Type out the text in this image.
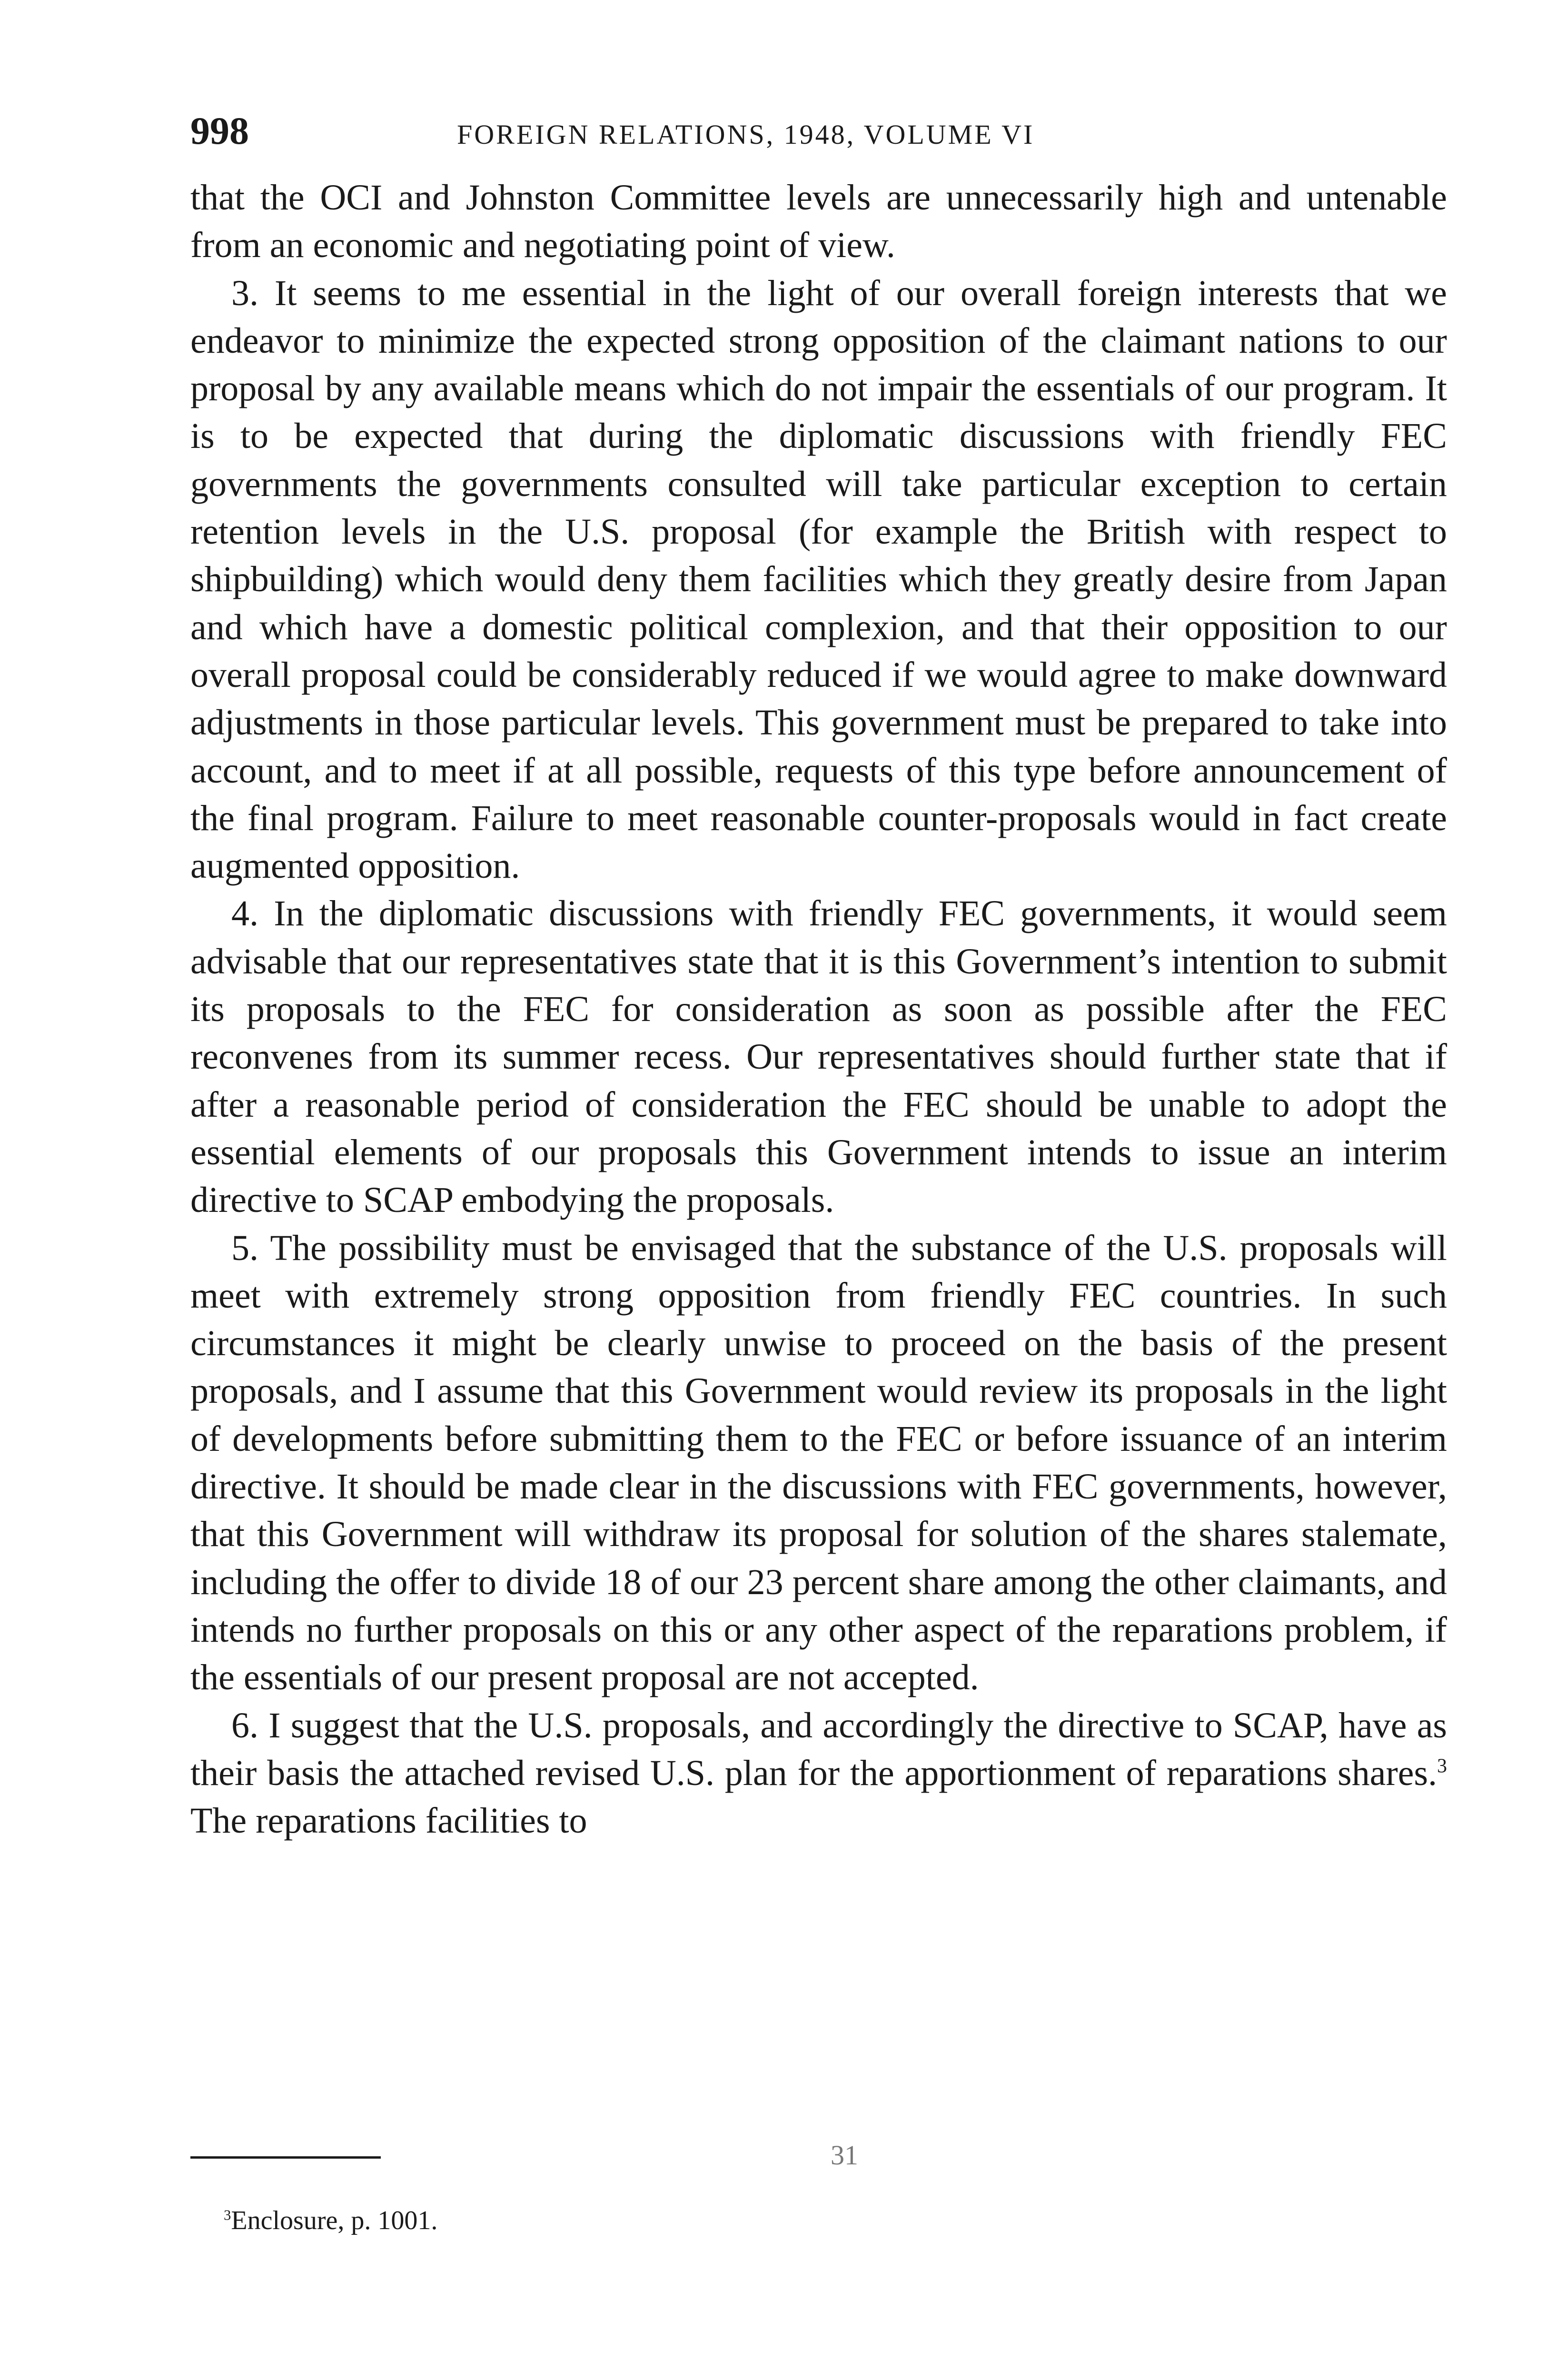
998	FOREIGN RELATIONS, 1948, VOLUME VI

that the OCI and Johnston Committee levels are unnecessarily high and untenable from an economic and negotiating point of view.

3. It seems to me essential in the light of our overall foreign interests that we endeavor to minimize the expected strong opposition of the claimant nations to our proposal by any available means which do not impair the essentials of our program. It is to be expected that during the diplomatic discussions with friendly FEC governments the governments consulted will take particular exception to certain retention levels in the U.S. proposal (for example the British with respect to shipbuilding) which would deny them facilities which they greatly desire from Japan and which have a domestic political complexion, and that their opposition to our overall proposal could be considerably reduced if we would agree to make downward adjustments in those particular levels. This government must be prepared to take into account, and to meet if at all possible, requests of this type before announcement of the final program. Failure to meet reasonable counter-proposals would in fact create augmented opposition.

4. In the diplomatic discussions with friendly FEC governments, it would seem advisable that our representatives state that it is this Government’s intention to submit its proposals to the FEC for consideration as soon as possible after the FEC reconvenes from its summer recess. Our representatives should further state that if after a reasonable period of consideration the FEC should be unable to adopt the essential elements of our proposals this Government intends to issue an interim directive to SCAP embodying the proposals.

5. The possibility must be envisaged that the substance of the U.S. proposals will meet with extremely strong opposition from friendly FEC countries. In such circumstances it might be clearly unwise to proceed on the basis of the present proposals, and I assume that this Government would review its proposals in the light of developments before submitting them to the FEC or before issuance of an interim directive. It should be made clear in the discussions with FEC governments, however, that this Government will withdraw its proposal for solution of the shares stalemate, including the offer to divide 18 of our 23 percent share among the other claimants, and intends no further proposals on this or any other aspect of the reparations problem, if the essentials of our present proposal are not accepted.

6. I suggest that the U.S. proposals, and accordingly the directive to SCAP, have as their basis the attached revised U.S. plan for the apportionment of reparations shares.$^3$ The reparations facilities to

31
$^3$Enclosure, p. 1001.
